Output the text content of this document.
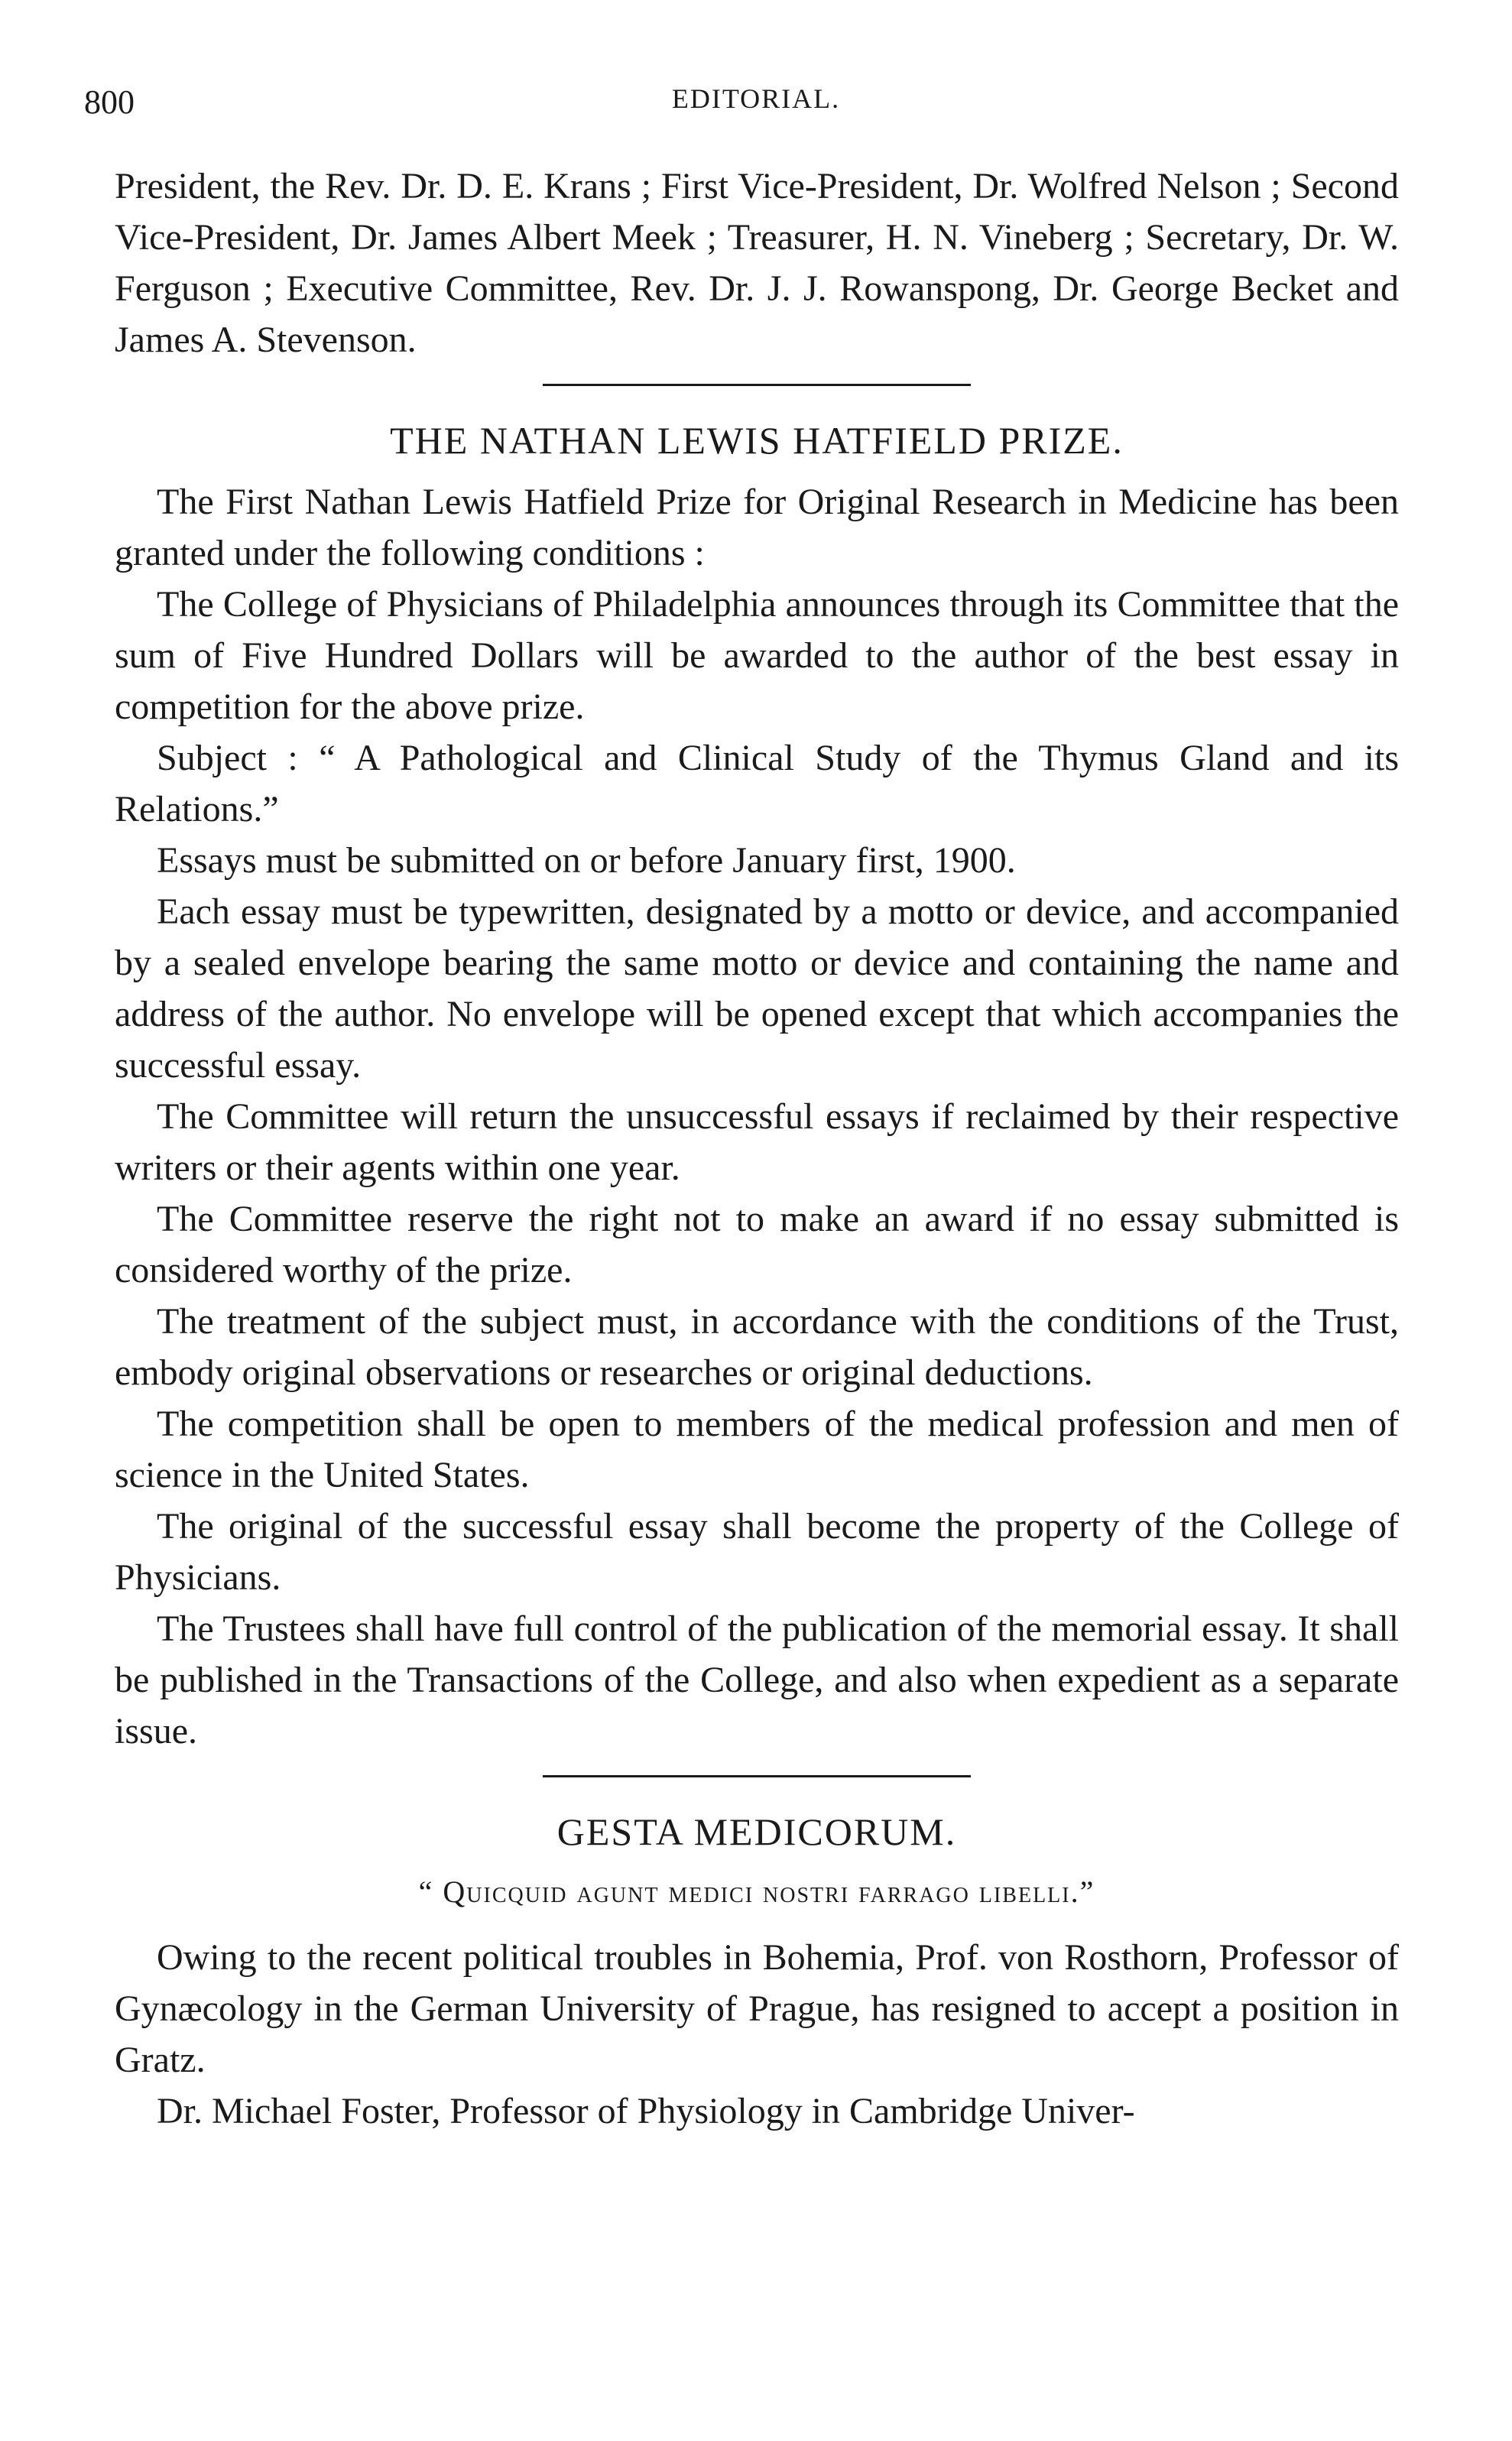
800	EDITORIAL.

President, the Rev. Dr. D. E. Krans ; First Vice-President, Dr. Wolfred Nelson ; Second Vice-President, Dr. James Albert Meek ; Treasurer, H. N. Vineberg ; Secretary, Dr. W. Ferguson ; Executive Committee, Rev. Dr. J. J. Rowanspong, Dr. George Becket and James A. Stevenson.

THE NATHAN LEWIS HATFIELD PRIZE.

The First Nathan Lewis Hatfield Prize for Original Research in Medicine has been granted under the following conditions :

The College of Physicians of Philadelphia announces through its Committee that the sum of Five Hundred Dollars will be awarded to the author of the best essay in competition for the above prize.

Subject : “ A Pathological and Clinical Study of the Thymus Gland and its Relations.”

Essays must be submitted on or before January first, 1900.

Each essay must be typewritten, designated by a motto or device, and accompanied by a sealed envelope bearing the same motto or device and containing the name and address of the author. No envelope will be opened except that which accompanies the successful essay.

The Committee will return the unsuccessful essays if reclaimed by their respective writers or their agents within one year.

The Committee reserve the right not to make an award if no essay submitted is considered worthy of the prize.

The treatment of the subject must, in accordance with the conditions of the Trust, embody original observations or researches or original deductions.

The competition shall be open to members of the medical profession and men of science in the United States.

The original of the successful essay shall become the property of the College of Physicians.

The Trustees shall have full control of the publication of the memorial essay. It shall be published in the Transactions of the College, and also when expedient as a separate issue.

GESTA MEDICORUM.
“ Quicquid agunt medici nostri farrago libelli.”

Owing to the recent political troubles in Bohemia, Prof. von Rosthorn, Professor of Gynæcology in the German University of Prague, has resigned to accept a position in Gratz.

Dr. Michael Foster, Professor of Physiology in Cambridge Univer-
